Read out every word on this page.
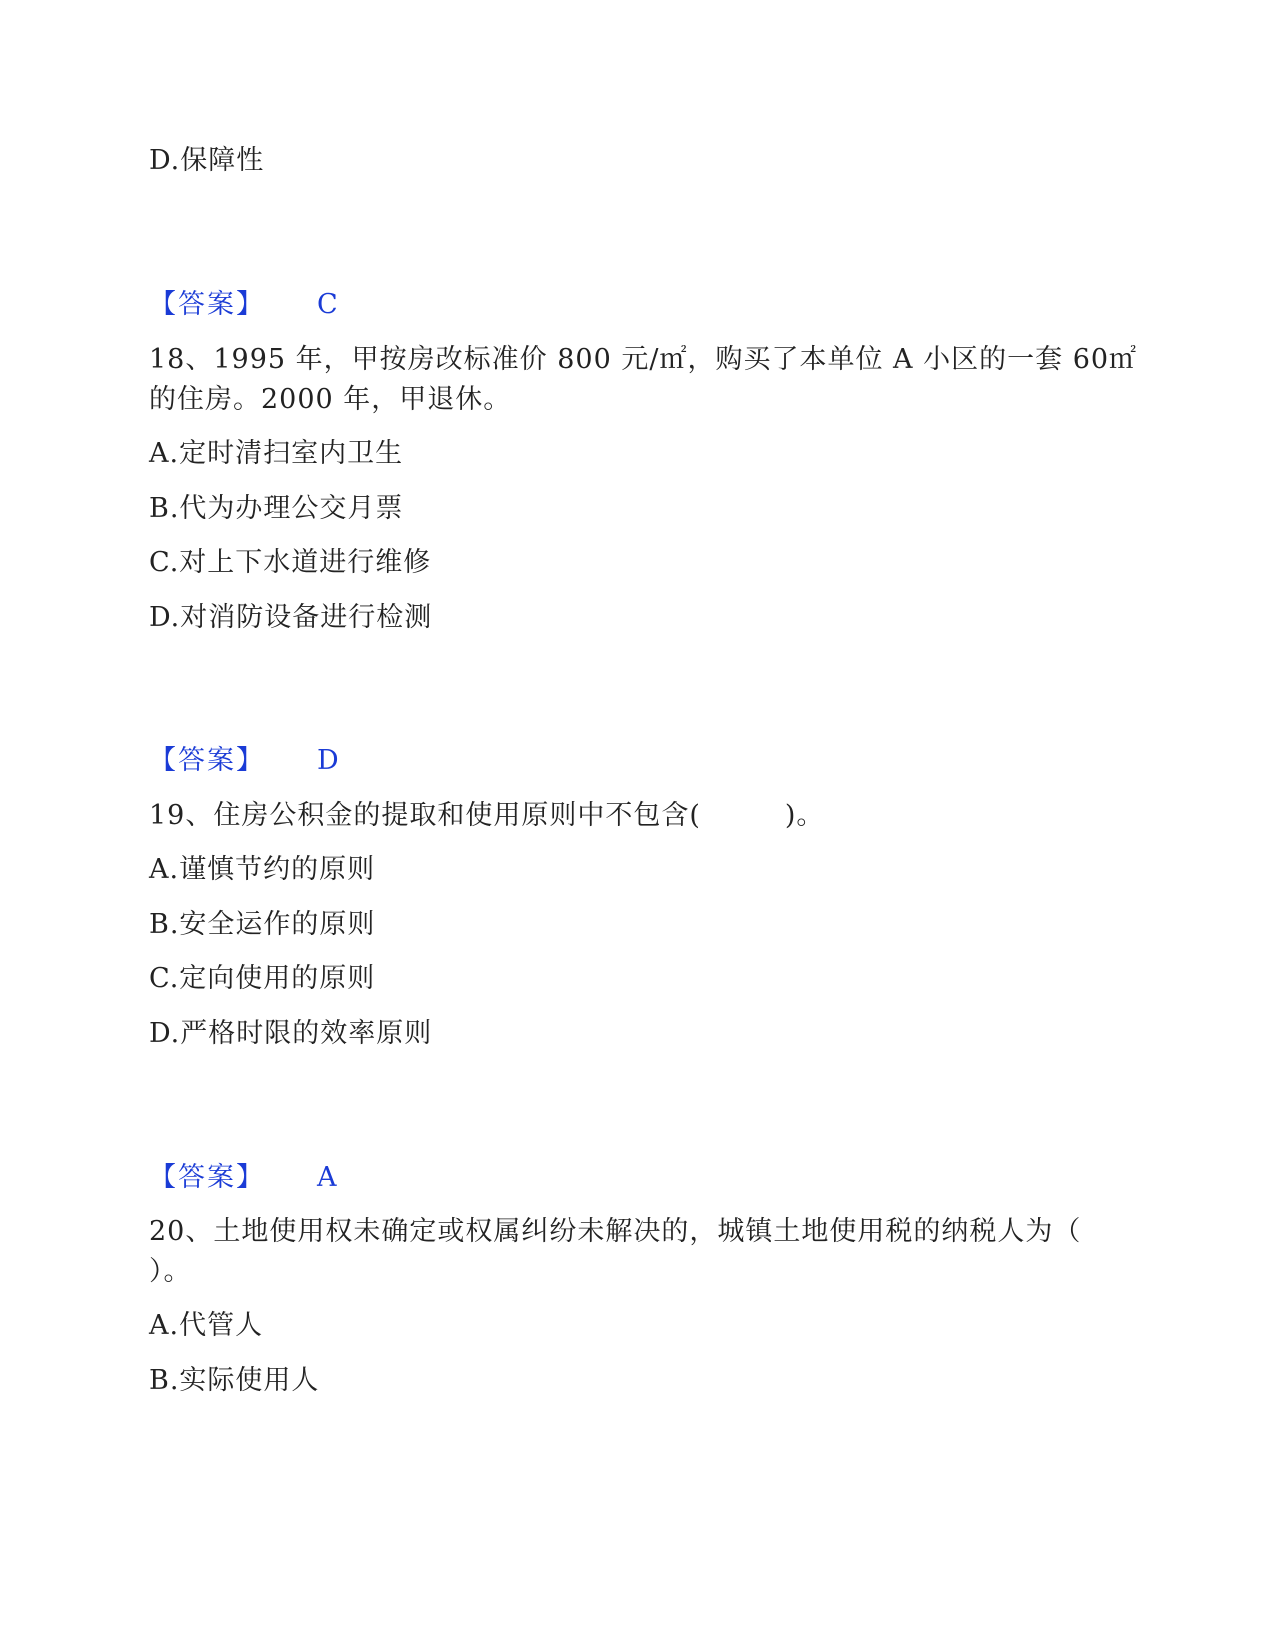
D.保障性
【答案】 C
18、1995 年，甲按房改标准价 800 元/㎡，购买了本单位 A 小区的一套 60㎡
的住房。2000 年，甲退休。
A.定时清扫室内卫生
B.代为办理公交月票
C.对上下水道进行维修
D.对消防设备进行检测
【答案】 D
19、住房公积金的提取和使用原则中不包含(　　　)。
A.谨慎节约的原则
B.安全运作的原则
C.定向使用的原则
D.严格时限的效率原则
【答案】 A
20、土地使用权未确定或权属纠纷未解决的，城镇土地使用税的纳税人为（
）。
A.代管人
B.实际使用人
